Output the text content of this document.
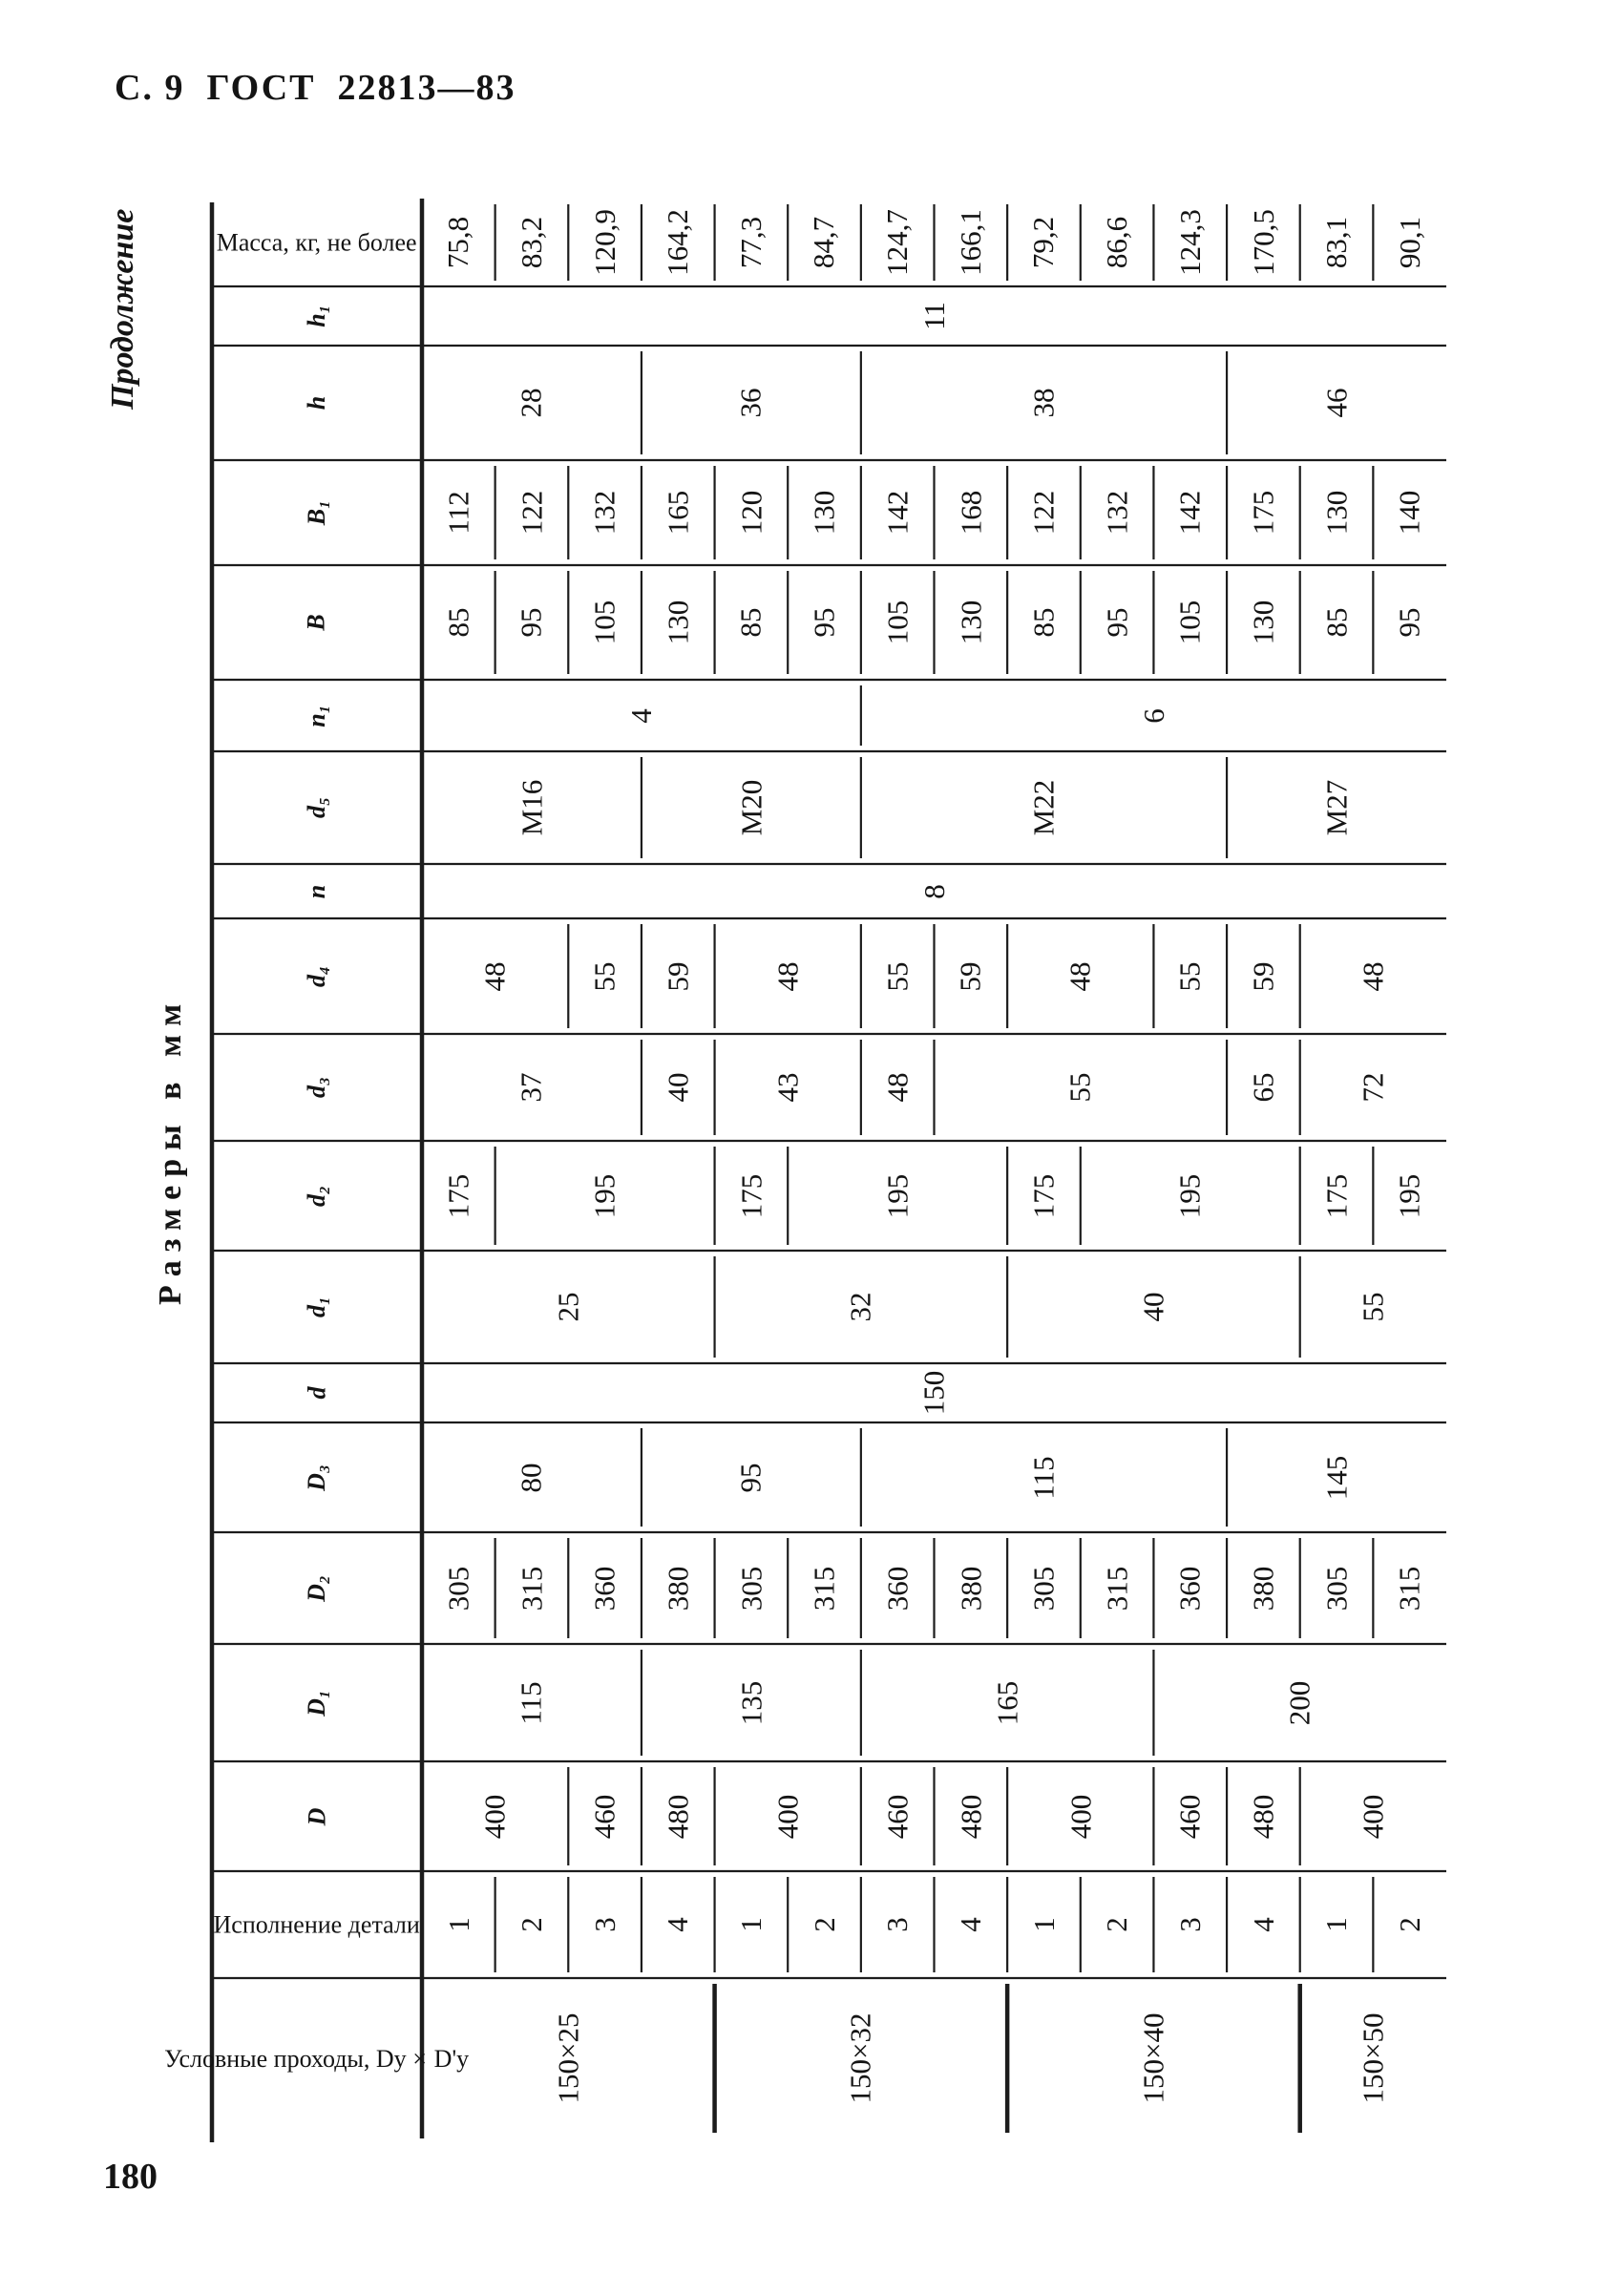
С. 9  ГОСТ  22813—83
Продолжение
Размеры в мм
180
Условные проходы, Dу×D'у	150×25	150×32	150×40	150×50
Исполнение детали 1 2 3 4 1 2 3 4 1 2 3 4 1 2
D	400	460 480	400	460 480	400	460 480	400
D₁	115	135	165	200
D₂	305 315 360 380 305 315 360 380 305 315 360 380 305 315
D₃	80	95	115	145
d	150
d₁	25	32	40	55
d₂	175	195	175	195	175	195	175 195
d₃	37	40	43	48	55	65	72
d₄	48	55 59	48	55 59	48	55 59	48
n	8
d₅	M16	M20	M22	M27
n₁	4	6
B	85 95 105 130 85 95 105 130 85 95 105 130 85 95
B₁	112 122 132 165 120 130 142 168 122 132 142 175 130 140
h	28	36	38	46
h₁	11
Масса, кг, не более 75,8 83,2 120,9 164,2 77,3 84,7 124,7 166,1 79,2 86,6 124,3 170,5 83,1 90,1
